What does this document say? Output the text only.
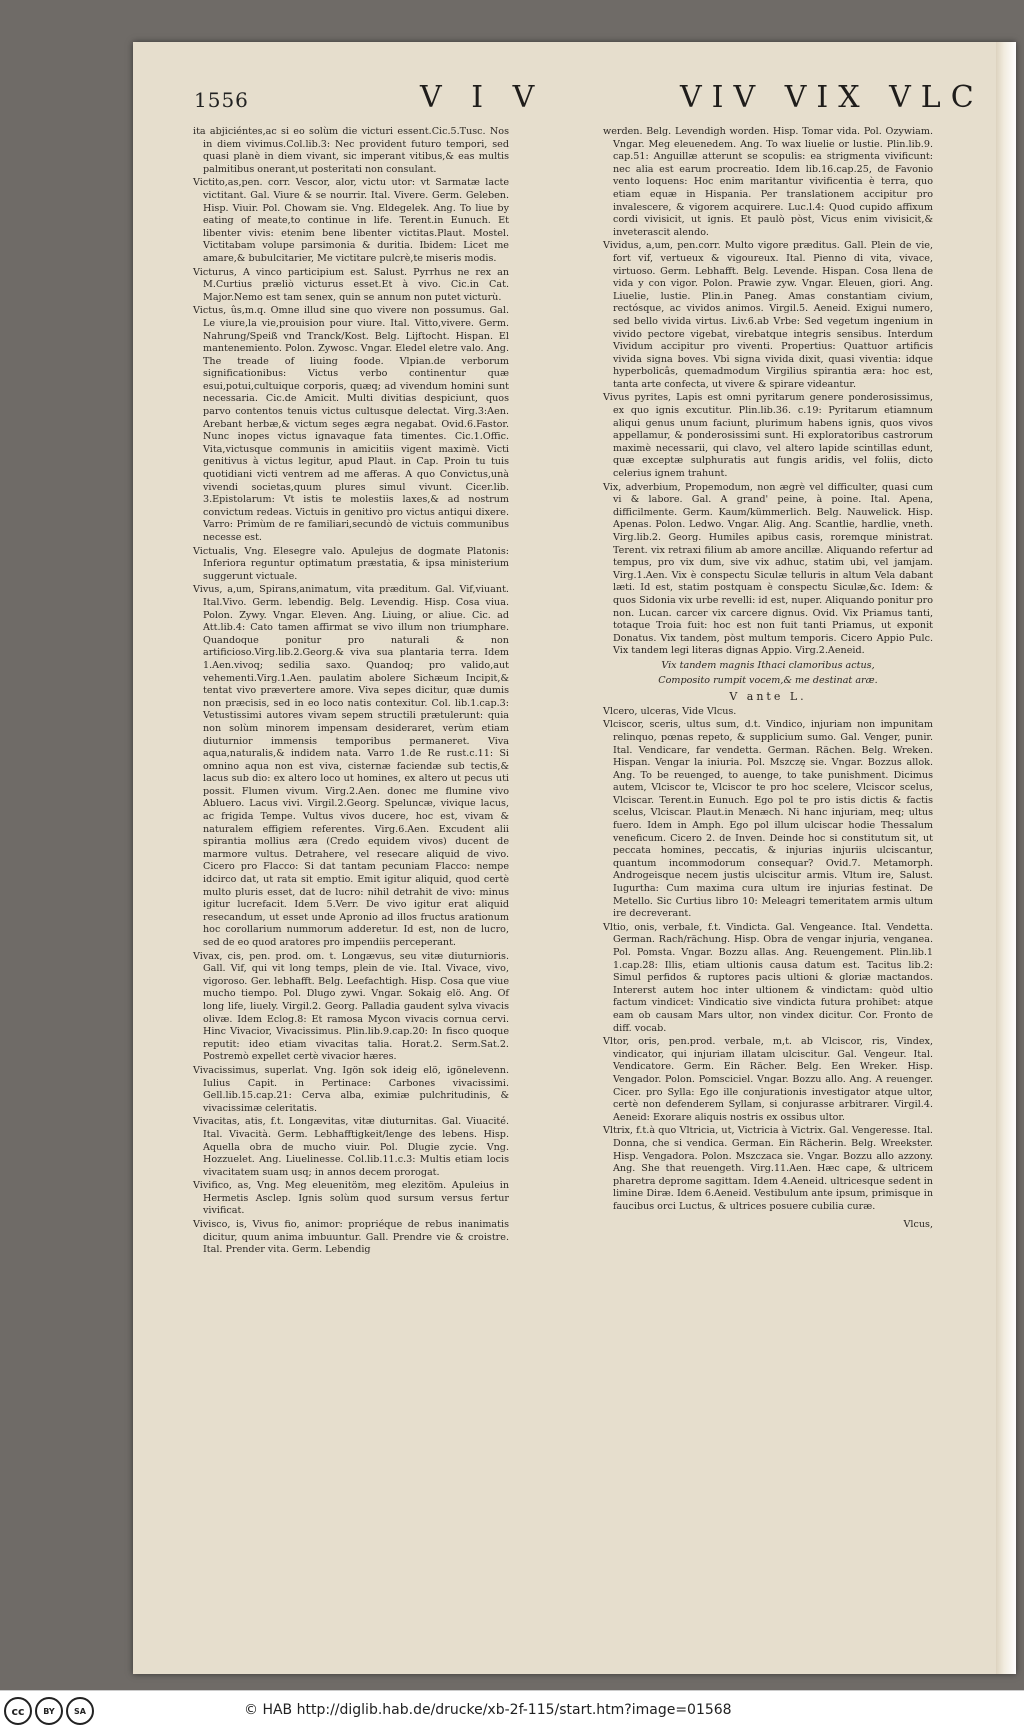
1556	V I V	VIV VIX VLC

ita abjiciéntes,ac si eo solùm die victuri essent.Cic.5.Tusc. Nos in diem vivimus.Col.lib.3: Nec provident futuro tempori, sed quasi planè in diem vivant, sic imperant vitibus,& eas multis palmitibus onerant,ut posteritati non consulant.

Victito,as,pen. corr. Vescor, alor, victu utor: vt Sarmatæ lacte victitant. Gal. Viure & se nourrir. Ital. Vivere. Germ. Geleben. Hisp. Viuir. Pol. Chowam sie. Vng. Eldegelek. Ang. To liue by eating of meate,to continue in life. Terent.in Eunuch. Et libenter vivis: etenim bene libenter victitas.Plaut. Mostel. Victitabam volupe parsimonia & duritia. Ibidem: Licet me amare,& bubulcitarier, Me victitare pulcrè,te miseris modis.

Victurus, A vinco participium est. Salust. Pyrrhus ne rex an M.Curtius præliò victurus esset.Et à vivo. Cic.in Cat. Major.Nemo est tam senex, quin se annum non putet victurù.

Victus, ûs,m.q. Omne illud sine quo vivere non possumus. Gal. Le viure,la vie,prouision pour viure. Ital. Vitto,vivere. Germ. Nahrung/Speiß vnd Tranck/Kost. Belg. Lijftocht. Hispan. El mantenemiento. Polon. Zywosc. Vngar. Eledel eletre valo. Ang. The treade of liuing foode. Vlpian.de verborum significationibus: Victus verbo continentur quæ esui,potui,cultuique corporis, quæq; ad vivendum homini sunt necessaria. Cic.de Amicit. Multi divitias despiciunt, quos parvo contentos tenuis victus cultusque delectat. Virg.3:Aen. Arebant herbæ,& victum seges ægra negabat. Ovid.6.Fastor. Nunc inopes victus ignavaque fata timentes. Cic.1.Offic. Vita,victusque communis in amicitiis vigent maximè. Victi genitivus à victus legitur, apud Plaut. in Cap. Proin tu tuis quotidiani victi ventrem ad me afferas. A quo Convictus,unà vivendi societas,quum plures simul vivunt. Cicer.lib. 3.Epistolarum: Vt istis te molestiis laxes,& ad nostrum convictum redeas. Victuis in genitivo pro victus antiqui dixere. Varro: Primùm de re familiari,secundò de victuis communibus necesse est.

Victualis, Vng. Elesegre valo. Apulejus de dogmate Platonis: Inferiora reguntur optimatum præstatia, & ipsa ministerium suggerunt victuale.

Vivus, a,um, Spirans,animatum, vita præditum. Gal. Vif,viuant. Ital.Vivo. Germ. lebendig. Belg. Levendig. Hisp. Cosa viua. Polon. Zywy. Vngar. Eleven. Ang. Liuing, or aliue. Cic. ad Att.lib.4: Cato tamen affirmat se vivo illum non triumphare. Quandoque ponitur pro naturali & non artificioso.Virg.lib.2.Georg.& viva sua plantaria terra. Idem 1.Aen.vivoq; sedilia saxo. Quandoq; pro valido,aut vehementi.Virg.1.Aen. paulatim abolere Sichæum Incipit,& tentat vivo prævertere amore. Viva sepes dicitur, quæ dumis non præcisis, sed in eo loco natis contexitur. Col. lib.1.cap.3: Vetustissimi autores vivam sepem structili prætulerunt: quia non solùm minorem impensam desideraret, verùm etiam diuturnior immensis temporibus permaneret. Viva aqua,naturalis,& indidem nata. Varro 1.de Re rust.c.11: Si omnino aqua non est viva, cisternæ faciendæ sub tectis,& lacus sub dio: ex altero loco ut homines, ex altero ut pecus uti possit. Flumen vivum. Virg.2.Aen. donec me flumine vivo Abluero. Lacus vivi. Virgil.2.Georg. Speluncæ, vivique lacus, ac frigida Tempe. Vultus vivos ducere, hoc est, vivam & naturalem effigiem referentes. Virg.6.Aen. Excudent alii spirantia mollius æra (Credo equidem vivos) ducent de marmore vultus. Detrahere, vel resecare aliquid de vivo. Cicero pro Flacco: Si dat tantam pecuniam Flacco: nempe idcirco dat, ut rata sit emptio. Emit igitur aliquid, quod certè multo pluris esset, dat de lucro: nihil detrahit de vivo: minus igitur lucrefacit. Idem 5.Verr. De vivo igitur erat aliquid resecandum, ut esset unde Apronio ad illos fructus arationum hoc corollarium nummorum adderetur. Id est, non de lucro, sed de eo quod aratores pro impendiis perceperant.

Vivax, cis, pen. prod. om. t. Longævus, seu vitæ diuturnioris. Gall. Vif, qui vit long temps, plein de vie. Ital. Vivace, vivo, vigoroso. Ger. lebhafft. Belg. Leefachtigh. Hisp. Cosa que viue mucho tiempo. Pol. Dlugo zywi. Vngar. Sokaig elö. Ang. Of long life, liuely. Virgil.2. Georg. Palladia gaudent sylva vivacis olivæ. Idem Eclog.8: Et ramosa Mycon vivacis cornua cervi. Hinc Vivacior, Vivacissimus. Plin.lib.9.cap.20: In fisco quoque reputit: ideo etiam vivacitas talia. Horat.2. Serm.Sat.2. Postremò expellet certè vivacior hæres.

Vivacissimus, superlat. Vng. Igön sok ideig elö, igönelevenn. Iulius Capit. in Pertinace: Carbones vivacissimi. Gell.lib.15.cap.21: Cerva alba, eximiæ pulchritudinis, & vivacissimæ celeritatis.

Vivacitas, atis, f.t. Longævitas, vitæ diuturnitas. Gal. Viuacité. Ital. Vivacità. Germ. Lebhafftigkeit/lenge des lebens. Hisp. Aquella obra de mucho viuir. Pol. Dlugie zycie. Vng. Hozzuelet. Ang. Liuelinesse. Col.lib.11.c.3: Multis etiam locis vivacitatem suam usq; in annos decem prorogat.

Vivifico, as, Vng. Meg eleuenitöm, meg elezitöm. Apuleius in Hermetis Asclep. Ignis solùm quod sursum versus fertur vivificat.

Vivisco, is, Vivus fio, animor: propriéque de rebus inanimatis dicitur, quum anima imbuuntur. Gall. Prendre vie & croistre. Ital. Prender vita. Germ. Lebendig

werden. Belg. Levendigh worden. Hisp. Tomar vida. Pol. Ozywiam. Vngar. Meg eleuenedem. Ang. To wax liuelie or lustie. Plin.lib.9. cap.51: Anguillæ atterunt se scopulis: ea strigmenta vivificunt: nec alia est earum procreatio. Idem lib.16.cap.25, de Favonio vento loquens: Hoc enim maritantur vivificentia è terra, quo etiam equæ in Hispania. Per translationem accipitur pro invalescere, & vigorem acquirere. Luc.l.4: Quod cupido affixum cordi vivisicit, ut ignis. Et paulò pòst, Vicus enim vivisicit,& inveterascit alendo.

Vividus, a,um, pen.corr. Multo vigore præditus. Gall. Plein de vie, fort vif, vertueux & vigoureux. Ital. Pienno di vita, vivace, virtuoso. Germ. Lebhafft. Belg. Levende. Hispan. Cosa llena de vida y con vigor. Polon. Prawie zyw. Vngar. Eleuen, giori. Ang. Liuelie, lustie. Plin.in Paneg. Amas constantiam civium, rectósque, ac vividos animos. Virgil.5. Aeneid. Exigui numero, sed bello vivida virtus. Liv.6.ab Vrbe: Sed vegetum ingenium in vivido pectore vigebat, virebatque integris sensibus. Interdum Vividum accipitur pro viventi. Propertius: Quattuor artificis vivida signa boves. Vbi signa vivida dixit, quasi viventia: idque hyperbolicâs, quemadmodum Virgilius spirantia æra: hoc est, tanta arte confecta, ut vivere & spirare videantur.

Vivus pyrites, Lapis est omni pyritarum genere ponderosissimus, ex quo ignis excutitur. Plin.lib.36. c.19: Pyritarum etiamnum aliqui genus unum faciunt, plurimum habens ignis, quos vivos appellamur, & ponderosissimi sunt. Hi exploratoribus castrorum maximè necessarii, qui clavo, vel altero lapide scintillas edunt, quæ exceptæ sulphuratis aut fungis aridis, vel foliis, dicto celerius ignem trahunt.

Vix, adverbium, Propemodum, non ægrè vel difficulter, quasi cum vi & labore. Gal. A grand' peine, à poine. Ital. Apena, difficilmente. Germ. Kaum/kümmerlich. Belg. Nauwelick. Hisp. Apenas. Polon. Ledwo. Vngar. Alig. Ang. Scantlie, hardlie, vneth. Virg.lib.2. Georg. Humiles apibus casis, roremque ministrat. Terent. vix retraxi filium ab amore ancillæ. Aliquando refertur ad tempus, pro vix dum, sive vix adhuc, statim ubi, vel jamjam. Virg.1.Aen. Vix è conspectu Siculæ telluris in altum Vela dabant læti. Id est, statim postquam è conspectu Siculæ,&c. Idem: & quos Sidonia vix urbe revelli: id est, nuper. Aliquando ponitur pro non. Lucan. carcer vix carcere dignus. Ovid. Vix Priamus tanti, totaque Troia fuit: hoc est non fuit tanti Priamus, ut exponit Donatus. Vix tandem, pòst multum temporis. Cicero Appio Pulc. Vix tandem legi literas dignas Appio. Virg.2.Aeneid.

Vix tandem magnis Ithaci clamoribus actus,
Composito rumpit vocem,& me destinat aræ.
V ante L.

Vlcero, ulceras, Vide Vlcus.

Vlciscor, sceris, ultus sum, d.t. Vindico, injuriam non impunitam relinquo, pœnas repeto, & supplicium sumo. Gal. Venger, punir. Ital. Vendicare, far vendetta. German. Rächen. Belg. Wreken. Hispan. Vengar la iniuria. Pol. Mszczę sie. Vngar. Bozzus allok. Ang. To be reuenged, to auenge, to take punishment. Dicimus autem, Vlciscor te, Vlciscor te pro hoc scelere, Vlciscor scelus, Vlciscar. Terent.in Eunuch. Ego pol te pro istis dictis & factis scelus, Vlciscar. Plaut.in Menæch. Ni hanc injuriam, meq; ultus fuero. Idem in Amph. Ego pol illum ulciscar hodie Thessalum veneficum. Cicero 2. de Inven. Deinde hoc si constitutum sit, ut peccata homines, peccatis, & injurias injuriis ulciscantur, quantum incommodorum consequar? Ovid.7. Metamorph. Androgeisque necem justis ulciscitur armis. Vltum ire, Salust. Iugurtha: Cum maxima cura ultum ire injurias festinat. De Metello. Sic Curtius libro 10: Meleagri temeritatem armis ultum ire decreverant.

Vltio, onis, verbale, f.t. Vindicta. Gal. Vengeance. Ital. Vendetta. German. Rach/rächung. Hisp. Obra de vengar injuria, venganea. Pol. Pomsta. Vngar. Bozzu allas. Ang. Reuengement. Plin.lib.1 1.cap.28: Illis, etiam ultionis causa datum est. Tacitus lib.2: Simul perfidos & ruptores pacis ultioni & gloriæ mactandos. Intererst autem hoc inter ultionem & vindictam: quòd ultio factum vindicet: Vindicatio sive vindicta futura prohibet: atque eam ob causam Mars ultor, non vindex dicitur. Cor. Fronto de diff. vocab.

Vltor, oris, pen.prod. verbale, m,t. ab Vlciscor, ris, Vindex, vindicator, qui injuriam illatam ulciscitur. Gal. Vengeur. Ital. Vendicatore. Germ. Ein Rächer. Belg. Een Wreker. Hisp. Vengador. Polon. Pomsciciel. Vngar. Bozzu allo. Ang. A reuenger. Cicer. pro Sylla: Ego ille conjurationis investigator atque ultor, certè non defenderem Syllam, si conjurasse arbitrarer. Virgil.4. Aeneid: Exorare aliquis nostris ex ossibus ultor.

Vltrix, f.t.à quo Vltricia, ut, Victricia à Victrix. Gal. Vengeresse. Ital. Donna, che si vendica. German. Ein Rächerin. Belg. Wreekster. Hisp. Vengadora. Polon. Mszczaca sie. Vngar. Bozzu allo azzony. Ang. She that reuengeth. Virg.11.Aen. Hæc cape, & ultricem pharetra deprome sagittam. Idem 4.Aeneid. ultricesque sedent in limine Diræ. Idem 6.Aeneid. Vestibulum ante ipsum, primisque in faucibus orci Luctus, & ultrices posuere cubilia curæ.

Vlcus,
cc	BY	SA	© HAB http://diglib.hab.de/drucke/xb-2f-115/start.htm?image=01568
